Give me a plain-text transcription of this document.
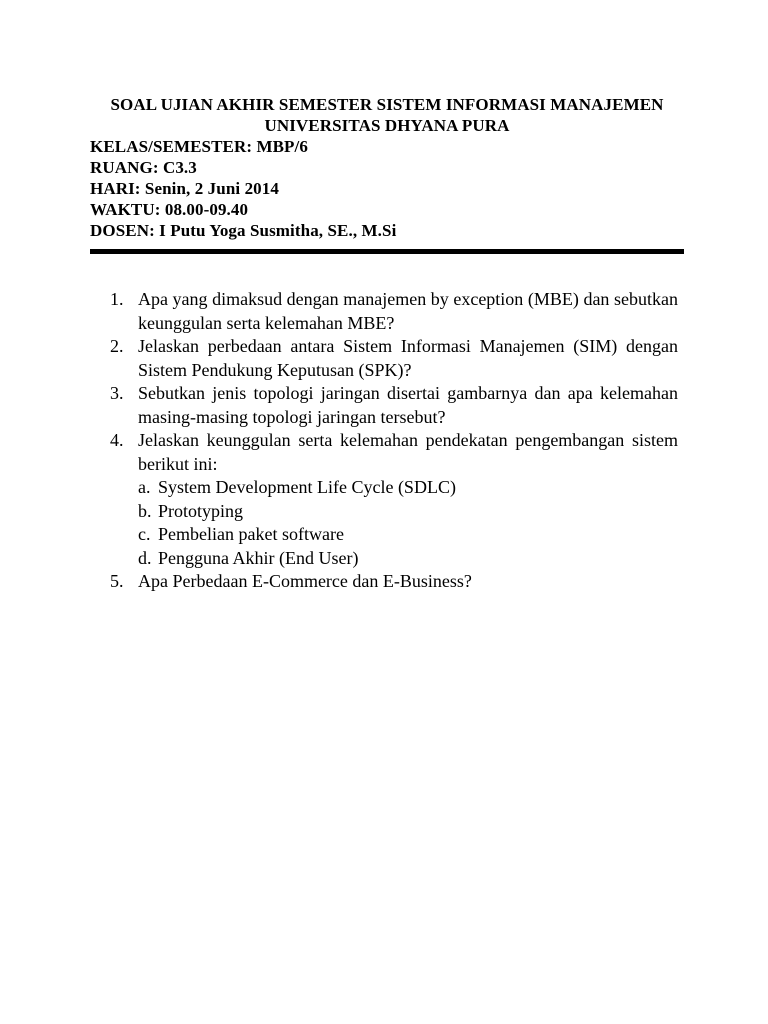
SOAL UJIAN AKHIR SEMESTER SISTEM INFORMASI MANAJEMEN
UNIVERSITAS DHYANA PURA
KELAS/SEMESTER: MBP/6
RUANG: C3.3
HARI: Senin, 2 Juni 2014
WAKTU: 08.00-09.40
DOSEN: I Putu Yoga Susmitha, SE., M.Si
1. Apa yang dimaksud dengan manajemen by exception (MBE) dan sebutkan keunggulan serta kelemahan MBE?
2. Jelaskan perbedaan antara Sistem Informasi Manajemen (SIM) dengan Sistem Pendukung Keputusan (SPK)?
3. Sebutkan jenis topologi jaringan disertai gambarnya dan apa kelemahan masing-masing topologi jaringan tersebut?
4. Jelaskan keunggulan serta kelemahan pendekatan pengembangan sistem berikut ini:
a. System Development Life Cycle (SDLC)
b. Prototyping
c. Pembelian paket software
d. Pengguna Akhir (End User)
5. Apa Perbedaan E-Commerce dan E-Business?
